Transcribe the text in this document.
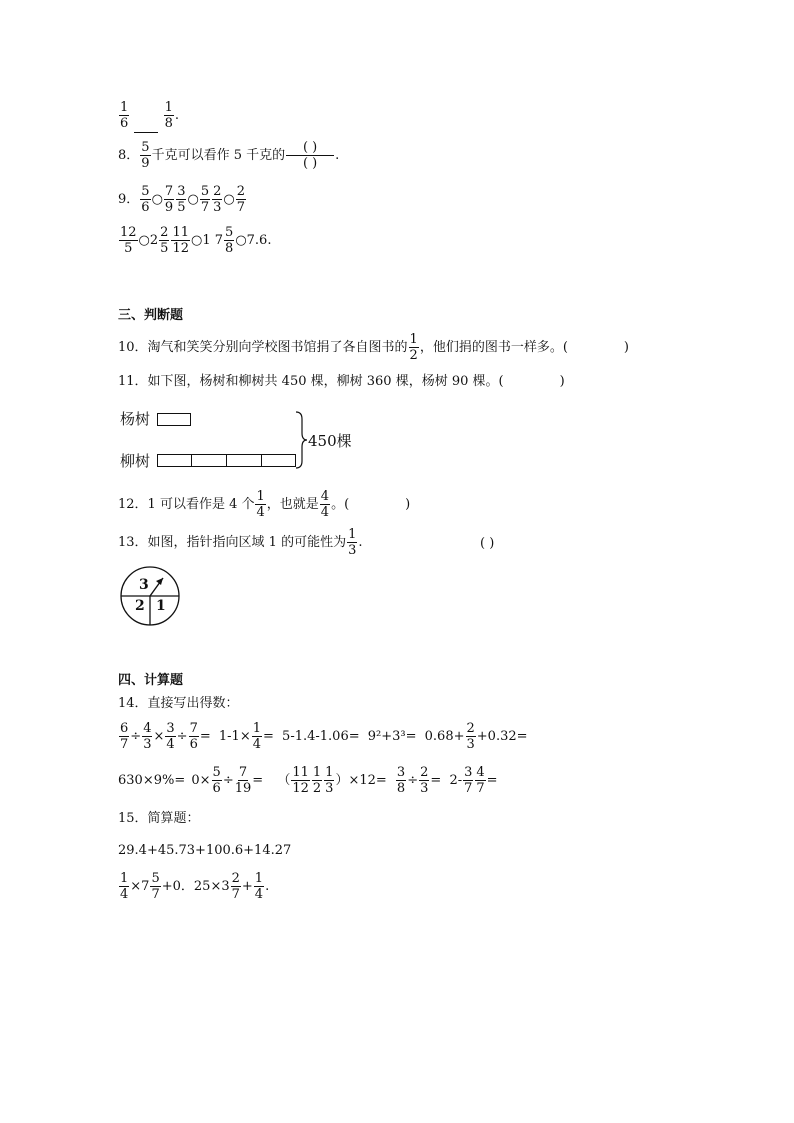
$\frac{1}{6}$
	$\frac{1}{8}$ .
8． $\frac{5}{9}$ 千克可以看作 5 千克的 $\frac{( )}{( )}$ .
9． $\frac{5}{6}$ ○ $\frac{7}{9} \frac{3}{5}$ ○ $\frac{5}{7} \frac{2}{3}$ ○ $\frac{2}{7}$
$\frac{12}{5}$ ○2 $\frac{2}{5} \frac{11}{12}$ ○1 $7 \frac{5}{8}$ ○7.6.
三、判断题
10．淘气和笑笑分别向学校图书馆捐了各自图书的 $\frac{1}{2}$ ，他们捐的图书一样多。(	)
11．如下图，杨树和柳树共 450 棵，柳树 360 棵，杨树 90 棵。(	)
杨树
柳树
450棵
12．1 可以看作是 4 个 $\frac{1}{4}$ ，也就是 $\frac{4}{4}$ 。(	)
13．如图，指针指向区域 1 的可能性为 $\frac{1}{3}$ .	( )
3
2 1
四、计算题
14．直接写出得数：
$\frac{6}{7} \div \frac{4}{3} \times \frac{3}{4} \div \frac{7}{6} = 1-1\times \frac{1}{4} = 5-1.4-1.06= 9^2+3^3= 0.68+ \frac{2}{3} +0.32=$
$630\times 9\%= 0\times \frac{5}{6} \div \frac{7}{19}$ = （ $\frac{11}{12} \frac{1}{2} \frac{1}{3} )\times 12= \frac{3}{8} \div \frac{2}{3} = 2- \frac{3}{7} \frac{4}{7}$ =
15．简算题：
29.4+45.73+100.6+14.27
$\frac{1}{4} \times 7 \frac{5}{7} +0$．$25\times 3 \frac{2}{7} + \frac{1}{4}$ .
